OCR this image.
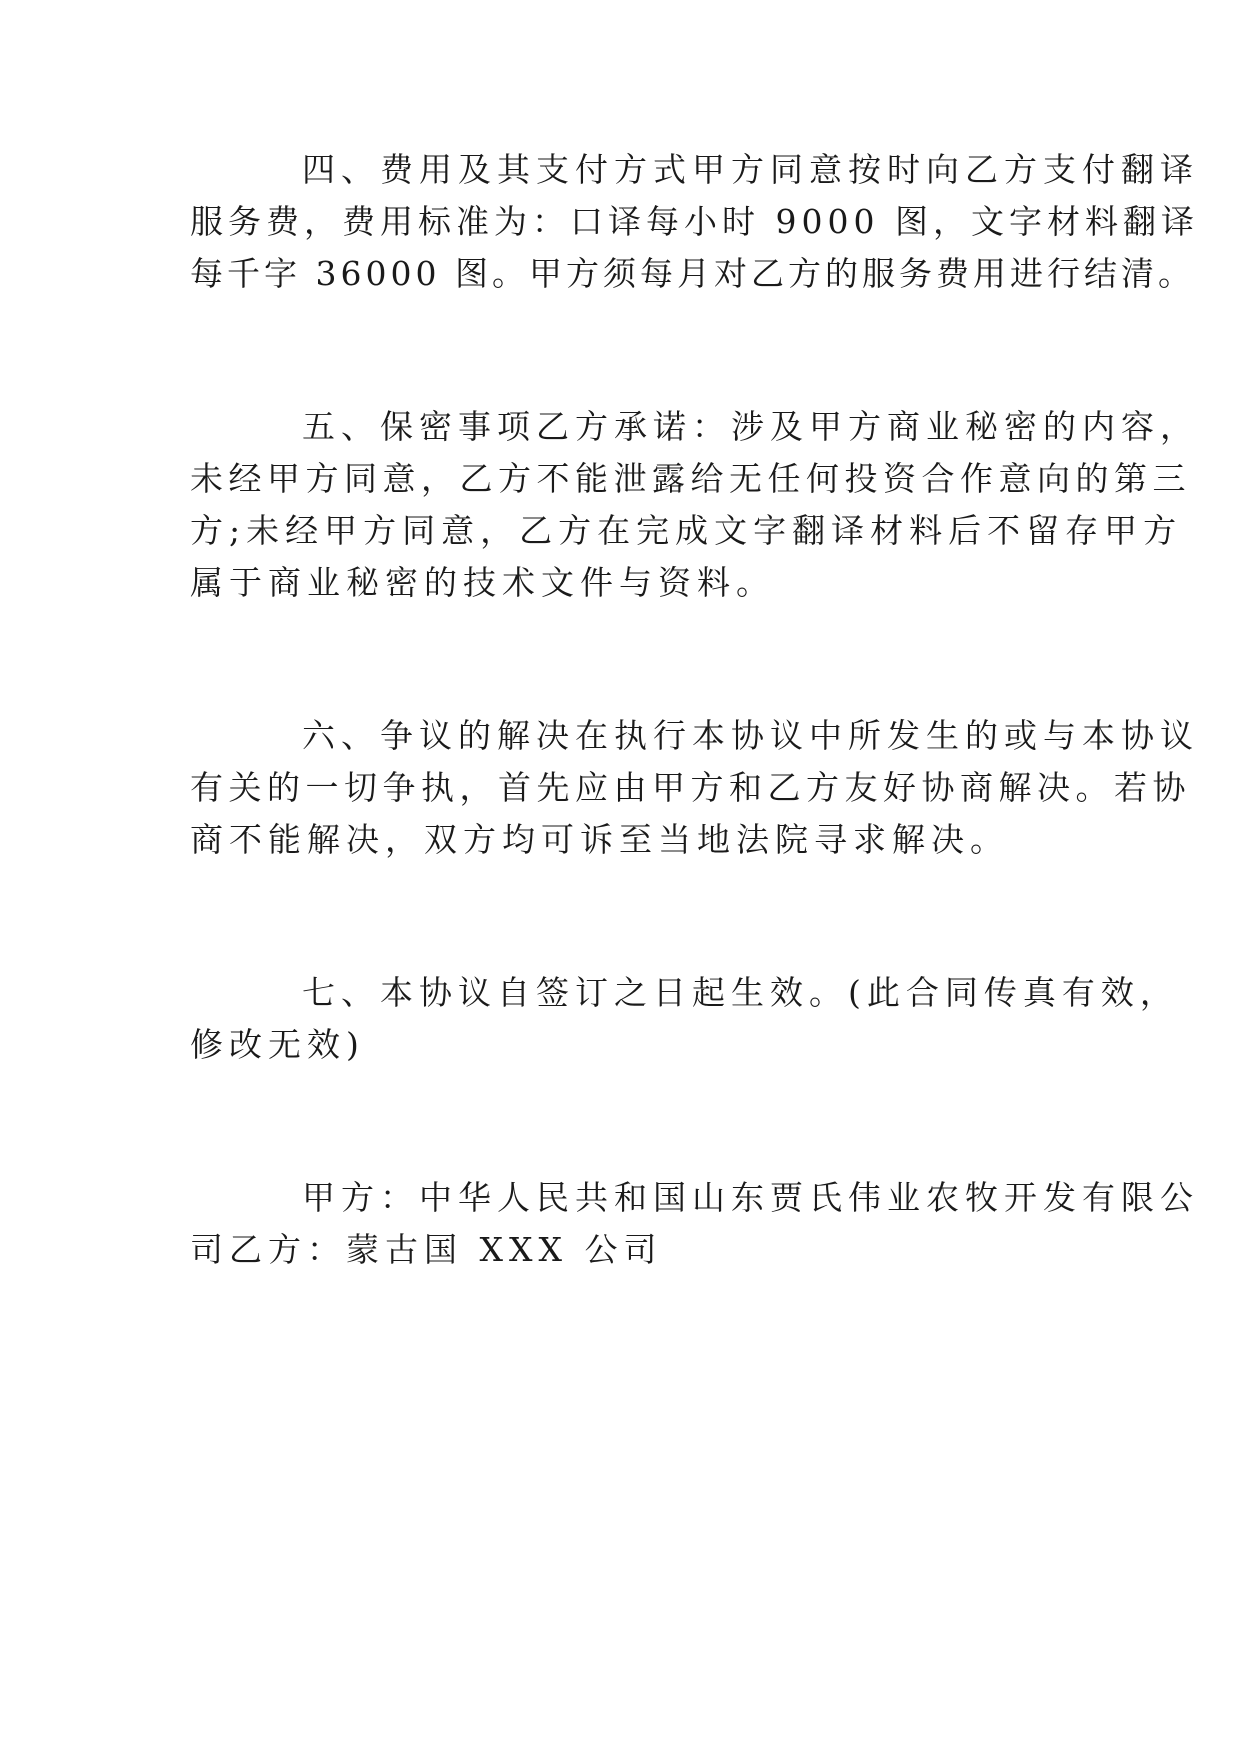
四、费用及其支付方式甲方同意按时向乙方支付翻译

服务费，费用标准为：口译每小时 9000 图，文字材料翻译

每千字 36000 图。甲方须每月对乙方的服务费用进行结清。

五、保密事项乙方承诺：涉及甲方商业秘密的内容，

未经甲方同意，乙方不能泄露给无任何投资合作意向的第三

方;未经甲方同意，乙方在完成文字翻译材料后不留存甲方

属于商业秘密的技术文件与资料。

六、争议的解决在执行本协议中所发生的或与本协议

有关的一切争执，首先应由甲方和乙方友好协商解决。若协

商不能解决，双方均可诉至当地法院寻求解决。

七、本协议自签订之日起生效。(此合同传真有效，

修改无效)

甲方：中华人民共和国山东贾氏伟业农牧开发有限公

司乙方：蒙古国 XXX 公司
